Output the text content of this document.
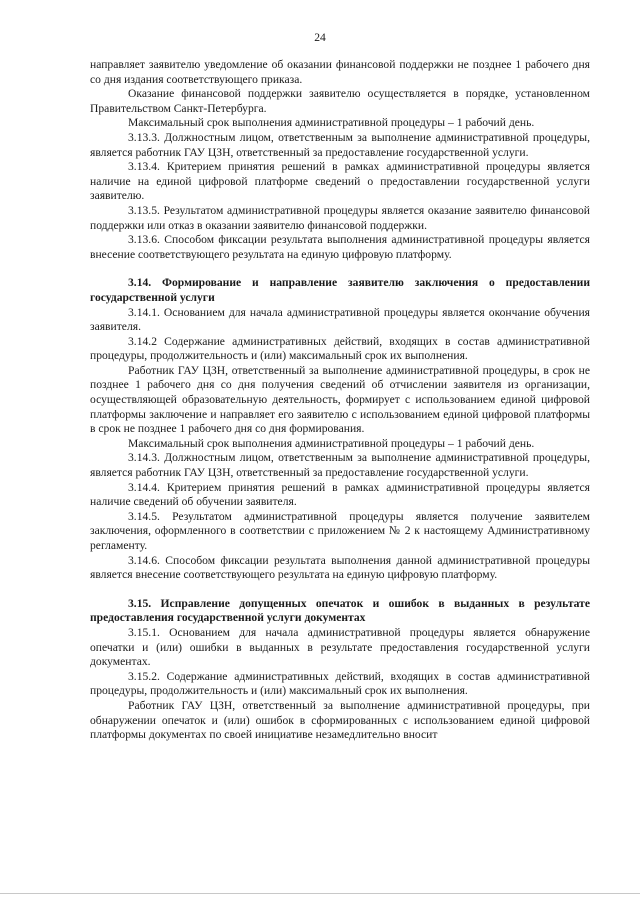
24

направляет заявителю уведомление об оказании финансовой поддержки не позднее 1 рабочего дня со дня издания соответствующего приказа.

Оказание финансовой поддержки заявителю осуществляется в порядке, установленном Правительством Санкт-Петербурга.

Максимальный срок выполнения административной процедуры – 1 рабочий день.

3.13.3. Должностным лицом, ответственным за выполнение административной процедуры, является работник ГАУ ЦЗН, ответственный за предоставление государственной услуги.

3.13.4. Критерием принятия решений в рамках административной процедуры является наличие на единой цифровой платформе сведений о предоставлении государственной услуги заявителю.

3.13.5. Результатом административной процедуры является оказание заявителю финансовой поддержки или отказ в оказании заявителю финансовой поддержки.

3.13.6. Способом фиксации результата выполнения административной процедуры является внесение соответствующего результата на единую цифровую платформу.

3.14. Формирование и направление заявителю заключения о предоставлении государственной услуги

3.14.1. Основанием для начала административной процедуры является окончание обучения заявителя.

3.14.2 Содержание административных действий, входящих в состав административной процедуры, продолжительность и (или) максимальный срок их выполнения.

Работник ГАУ ЦЗН, ответственный за выполнение административной процедуры, в срок не позднее 1 рабочего дня со дня получения сведений об отчислении заявителя из организации, осуществляющей образовательную деятельность, формирует с использованием единой цифровой платформы заключение и направляет его заявителю с использованием единой цифровой платформы в срок не позднее 1 рабочего дня со дня формирования.

Максимальный срок выполнения административной процедуры – 1 рабочий день.

3.14.3. Должностным лицом, ответственным за выполнение административной процедуры, является работник ГАУ ЦЗН, ответственный за предоставление государственной услуги.

3.14.4. Критерием принятия решений в рамках административной процедуры является наличие сведений об обучении заявителя.

3.14.5. Результатом административной процедуры является получение заявителем заключения, оформленного в соответствии с приложением № 2 к настоящему Административному регламенту.

3.14.6. Способом фиксации результата выполнения данной административной процедуры является внесение соответствующего результата на единую цифровую платформу.

3.15. Исправление допущенных опечаток и ошибок в выданных в результате предоставления государственной услуги документах

3.15.1. Основанием для начала административной процедуры является обнаружение опечатки и (или) ошибки в выданных в результате предоставления государственной услуги документах.

3.15.2. Содержание административных действий, входящих в состав административной процедуры, продолжительность и (или) максимальный срок их выполнения.

Работник ГАУ ЦЗН, ответственный за выполнение административной процедуры, при обнаружении опечаток и (или) ошибок в сформированных с использованием единой цифровой платформы документах по своей инициативе незамедлительно вносит
